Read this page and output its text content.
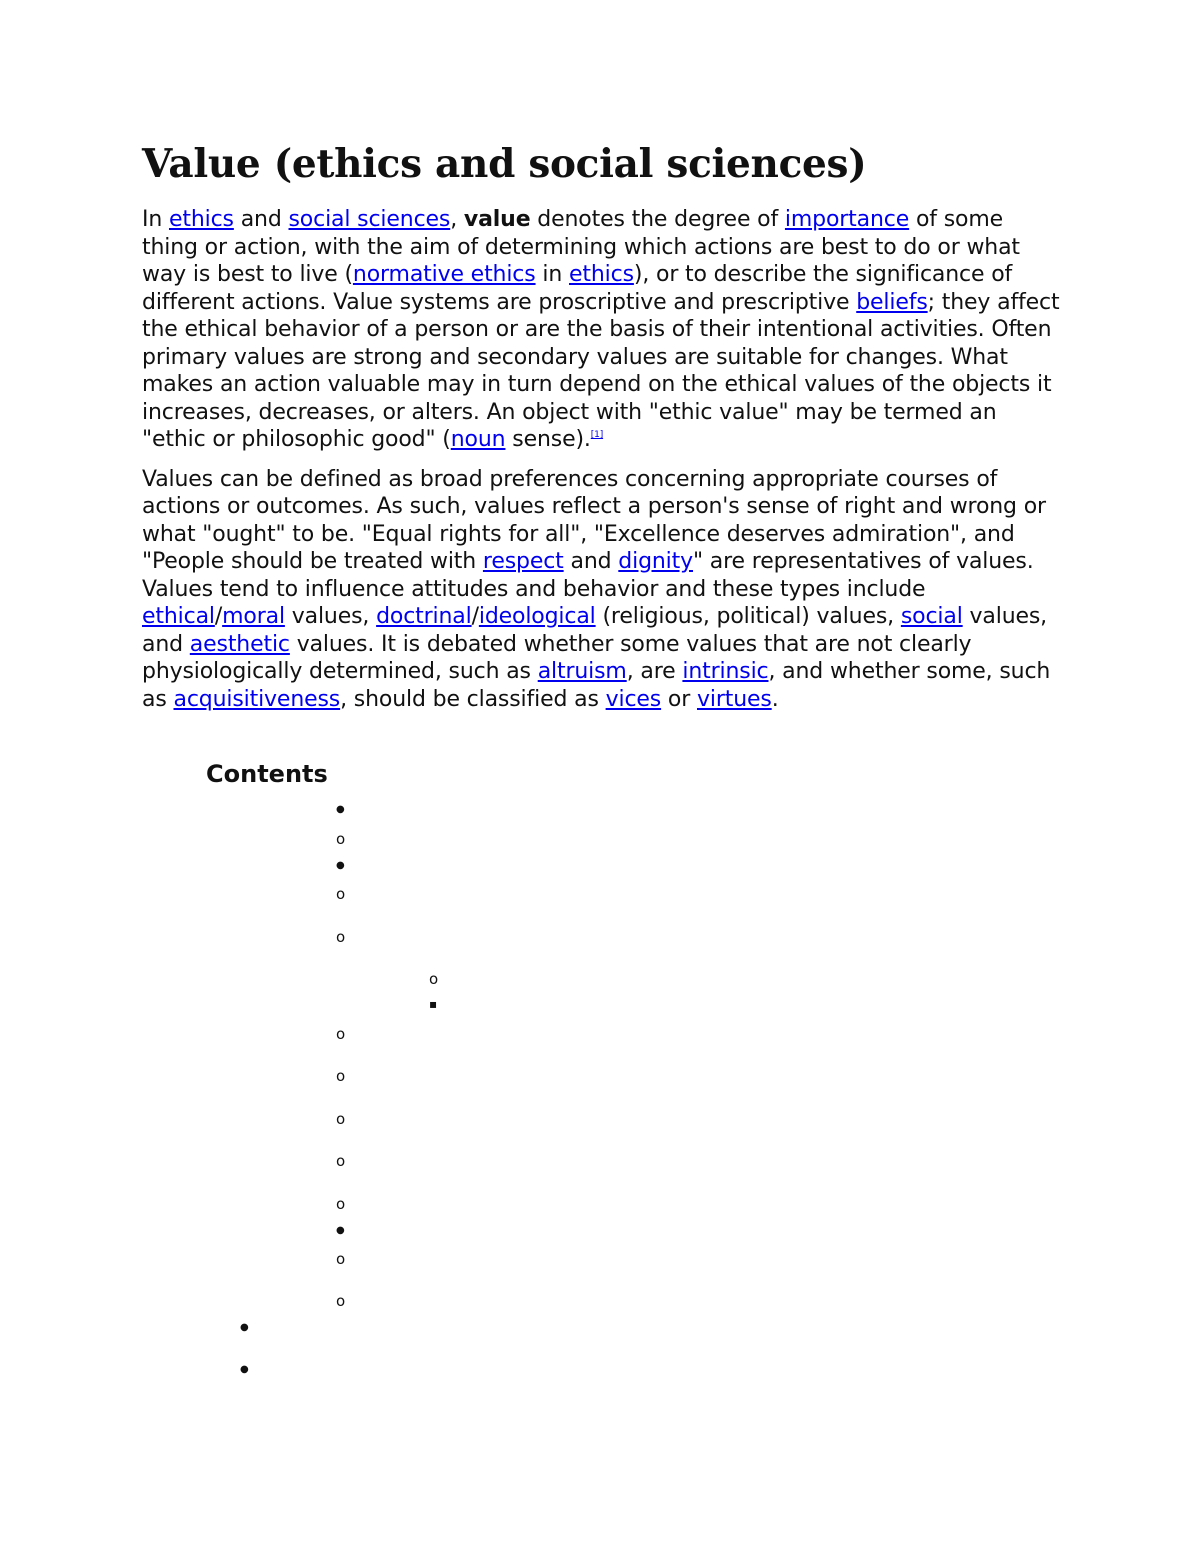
Value (ethics and social sciences)

In ethics and social sciences, value denotes the degree of importance of some thing or action, with the aim of determining which actions are best to do or what way is best to live (normative ethics in ethics), or to describe the significance of different actions. Value systems are proscriptive and prescriptive beliefs; they affect the ethical behavior of a person or are the basis of their intentional activities. Often primary values are strong and secondary values are suitable for changes. What makes an action valuable may in turn depend on the ethical values of the objects it increases, decreases, or alters. An object with "ethic value" may be termed an "ethic or philosophic good" (noun sense).[1]

Values can be defined as broad preferences concerning appropriate courses of actions or outcomes. As such, values reflect a person's sense of right and wrong or what "ought" to be. "Equal rights for all", "Excellence deserves admiration", and "People should be treated with respect and dignity" are representatives of values. Values tend to influence attitudes and behavior and these types include ethical/moral values, doctrinal/ideological (religious, political) values, social values, and aesthetic values. It is debated whether some values that are not clearly physiologically determined, such as altruism, are intrinsic, and whether some, such as acquisitiveness, should be classified as vices or virtues.

Contents
●
o
●
o
o
o
▪
o
o
o
o
o
●
o
o
●
●
